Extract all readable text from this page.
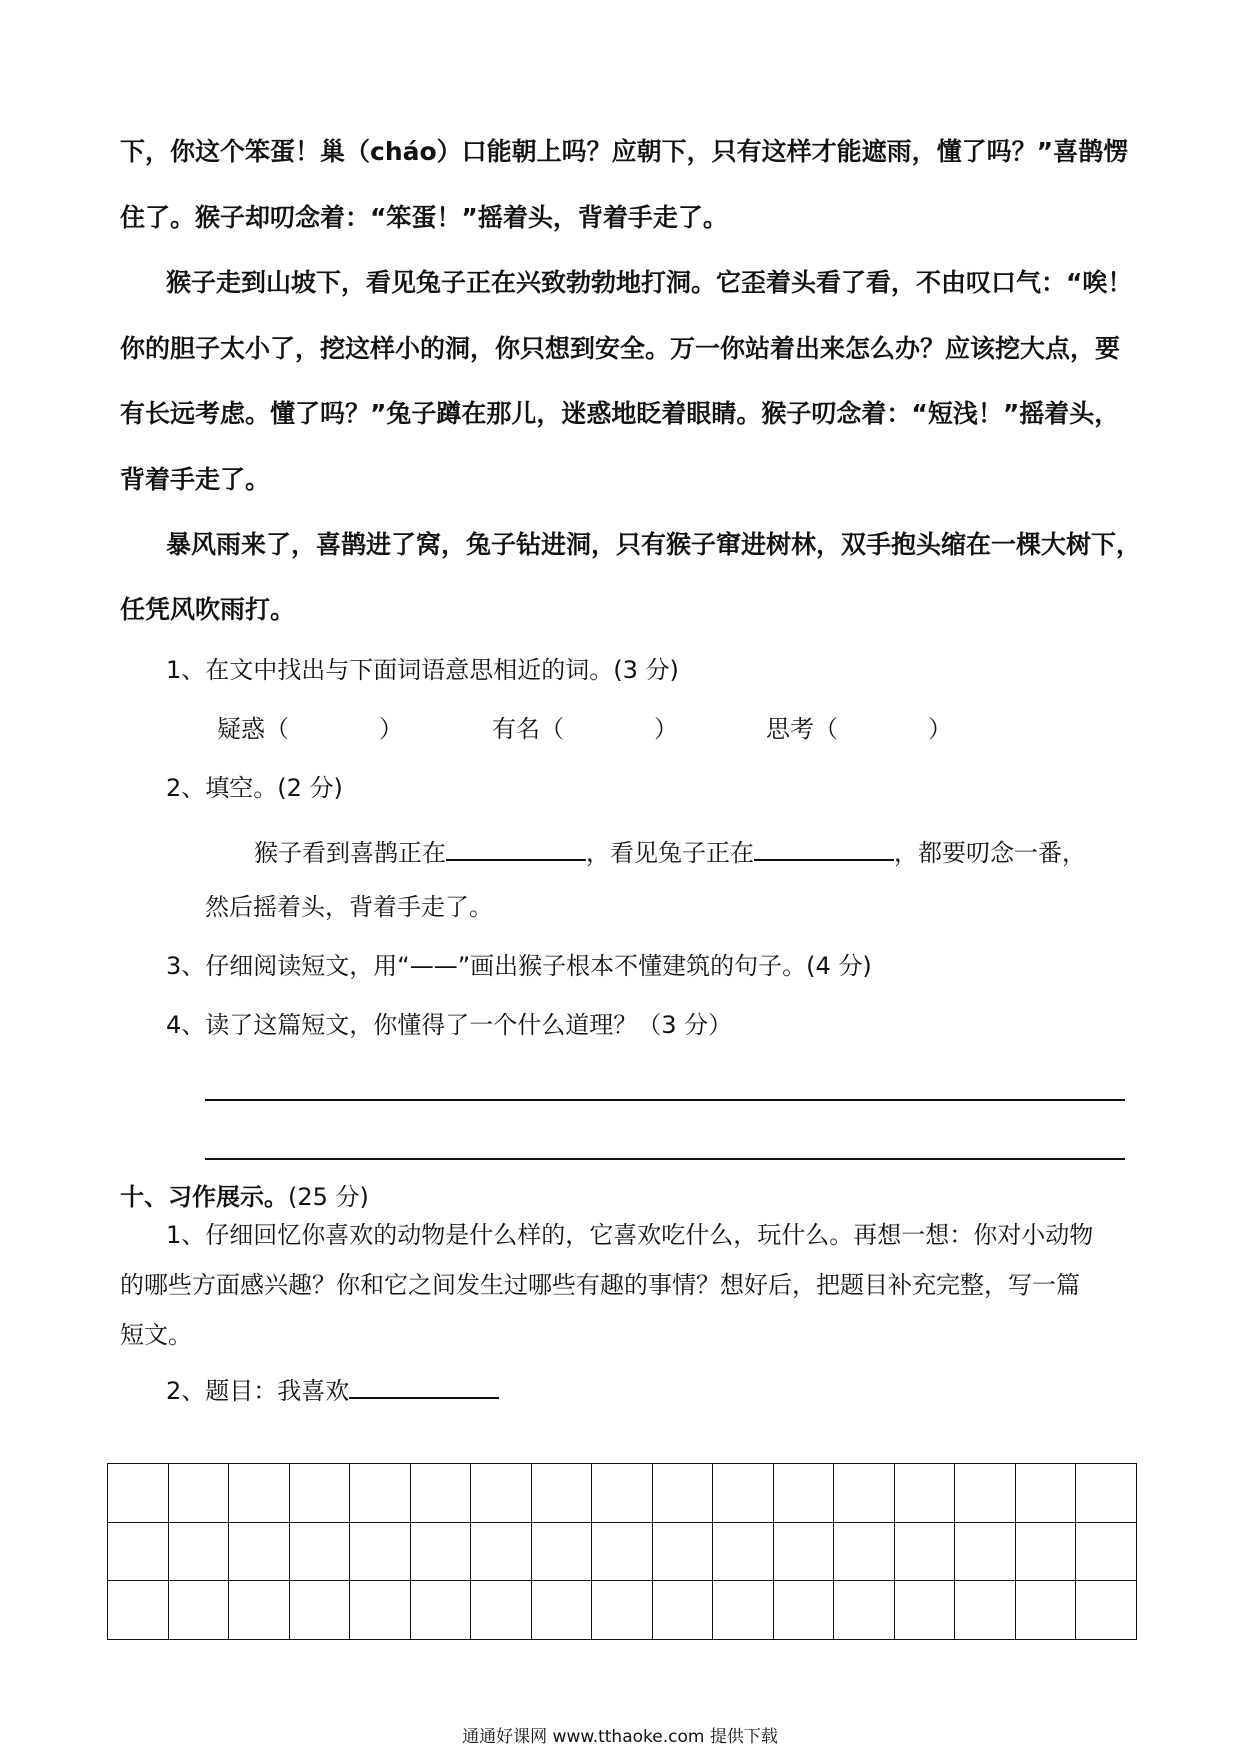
下，你这个笨蛋！巢（cháo）口能朝上吗？应朝下，只有这样才能遮雨，懂了吗？”喜鹊愣
住了。猴子却叨念着：“笨蛋！”摇着头，背着手走了。
猴子走到山坡下，看见兔子正在兴致勃勃地打洞。它歪着头看了看，不由叹口气：“唉！
你的胆子太小了，挖这样小的洞，你只想到安全。万一你站着出来怎么办？应该挖大点，要
有长远考虑。懂了吗？”兔子蹲在那儿，迷惑地眨着眼睛。猴子叨念着：“短浅！”摇着头，
背着手走了。
暴风雨来了，喜鹊进了窝，兔子钻进洞，只有猴子窜进树林，双手抱头缩在一棵大树下，
任凭风吹雨打。
1、在文中找出与下面词语意思相近的词。(3 分)
疑惑（	）	有名（	）	思考（	）
2、填空。(2 分)
猴子看到喜鹊正在	，看见兔子正在	，都要叨念一番，
然后摇着头，背着手走了。
3、仔细阅读短文，用“——”画出猴子根本不懂建筑的句子。(4 分)
4、读了这篇短文，你懂得了一个什么道理？（3 分）
十、习作展示。(25 分)
1、仔细回忆你喜欢的动物是什么样的，它喜欢吃什么，玩什么。再想一想：你对小动物
的哪些方面感兴趣？你和它之间发生过哪些有趣的事情？想好后，把题目补充完整，写一篇
短文。
2、题目：我喜欢

通通好课网 www.tthaoke.com 提供下载
